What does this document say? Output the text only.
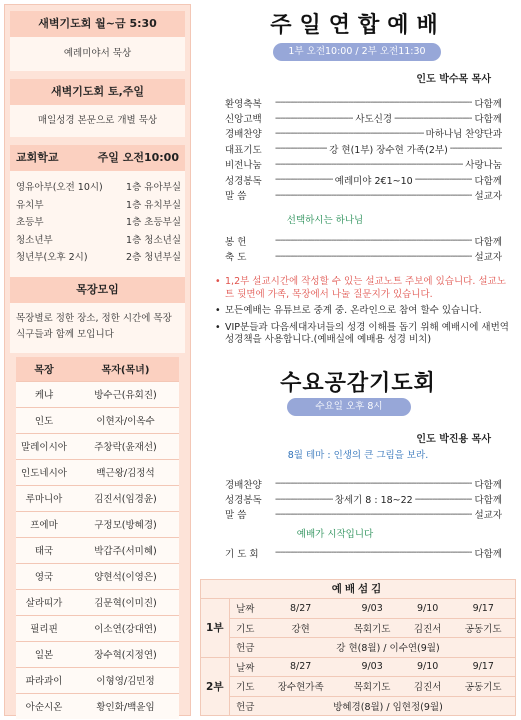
새벽기도회 월~금 5:30
예레미야서 묵상
새벽기도회 토,주일
매일성경 본문으로 개별 묵상
교회학교	주일 오전10:00
영유아부(오전 10시) 1층 유아부실
유치부	1층 유치부실
초등부	1층 초등부실
청소년부	1층 청소년실
청년부(오후 2시)	2층 청년부실
목장모임
목장별로 정한 장소, 정한 시간에 목장식구들과 함께 모입니다
목장	목자(목녀)
케냐	방수근(유회진)
인도	이현자/이옥수
말레이시아	주창락(윤재선)
인도네시아	백근왕/김정석
루마니아	김진서(임경윤)
프에마	구정모(방혜경)
태국	박갑주(서미혜)
영국	양현석(이영은)
살라띠가	김문혁(이미진)
필리핀	이소연(강대연)
일본	장수혁(지정연)
파라과이	이형영/김민정
아순시온	황인화/백윤임
주일연합예배
1부 오전10:00 / 2부 오전11:30
인도 박수목 목사
환영축복 -----	다함께
신앙고백 -----	사도신경 -----	다함께
경배찬양 -----	마하나님 찬양단과
대표기도 -----	강 현(1부) 장수현 가족(2부)
-----
비전나눔 -----	사랑나눔
성경봉독 -----	예레미야 2€1~10 -----	다함께
말 씀 -----	설교자
선택하시는 하나님
봉 헌 -----	다함께
축 도 -----	설교자
• 1,2부 설교시간에 작성할 수 있는 설교노트 주보에 있습니다. 설교노트 뒷면에 가족, 목장에서 나눌 질문지가 있습니다.
• 모든예배는 유튜브로 중계 중. 온라인으로 참여 할수 있습니다.
• VIP분들과 다음세대자녀들의 성경 이해를 돕기 위해 예배시에 새번역성경책을 사용합니다.(예배실에 예배용 성경 비치)
수요공감기도회
수요일 오후 8시
인도 박진용 목사
8월 테마 : 인생의 큰 그림을 보라.
경배찬양 -----	다함께
성경봉독 -----	창세기 8 : 18~22 -----	다함께
말 씀 -----	설교자
예배가 시작입니다
기 도 회 -----	다함께
예배섬김
1부	날짜	8/27	9/03	9/10	9/17
	기도	강현	목회기도	김진서	공동기도
	헌금	강 현(8월) / 이수연(9월)			
2부	날짜	8/27	9/03	9/10	9/17
	기도	장수현가족	목회기도	김진서	공동기도
	헌금	방혜경(8월) / 임현정(9월)			
